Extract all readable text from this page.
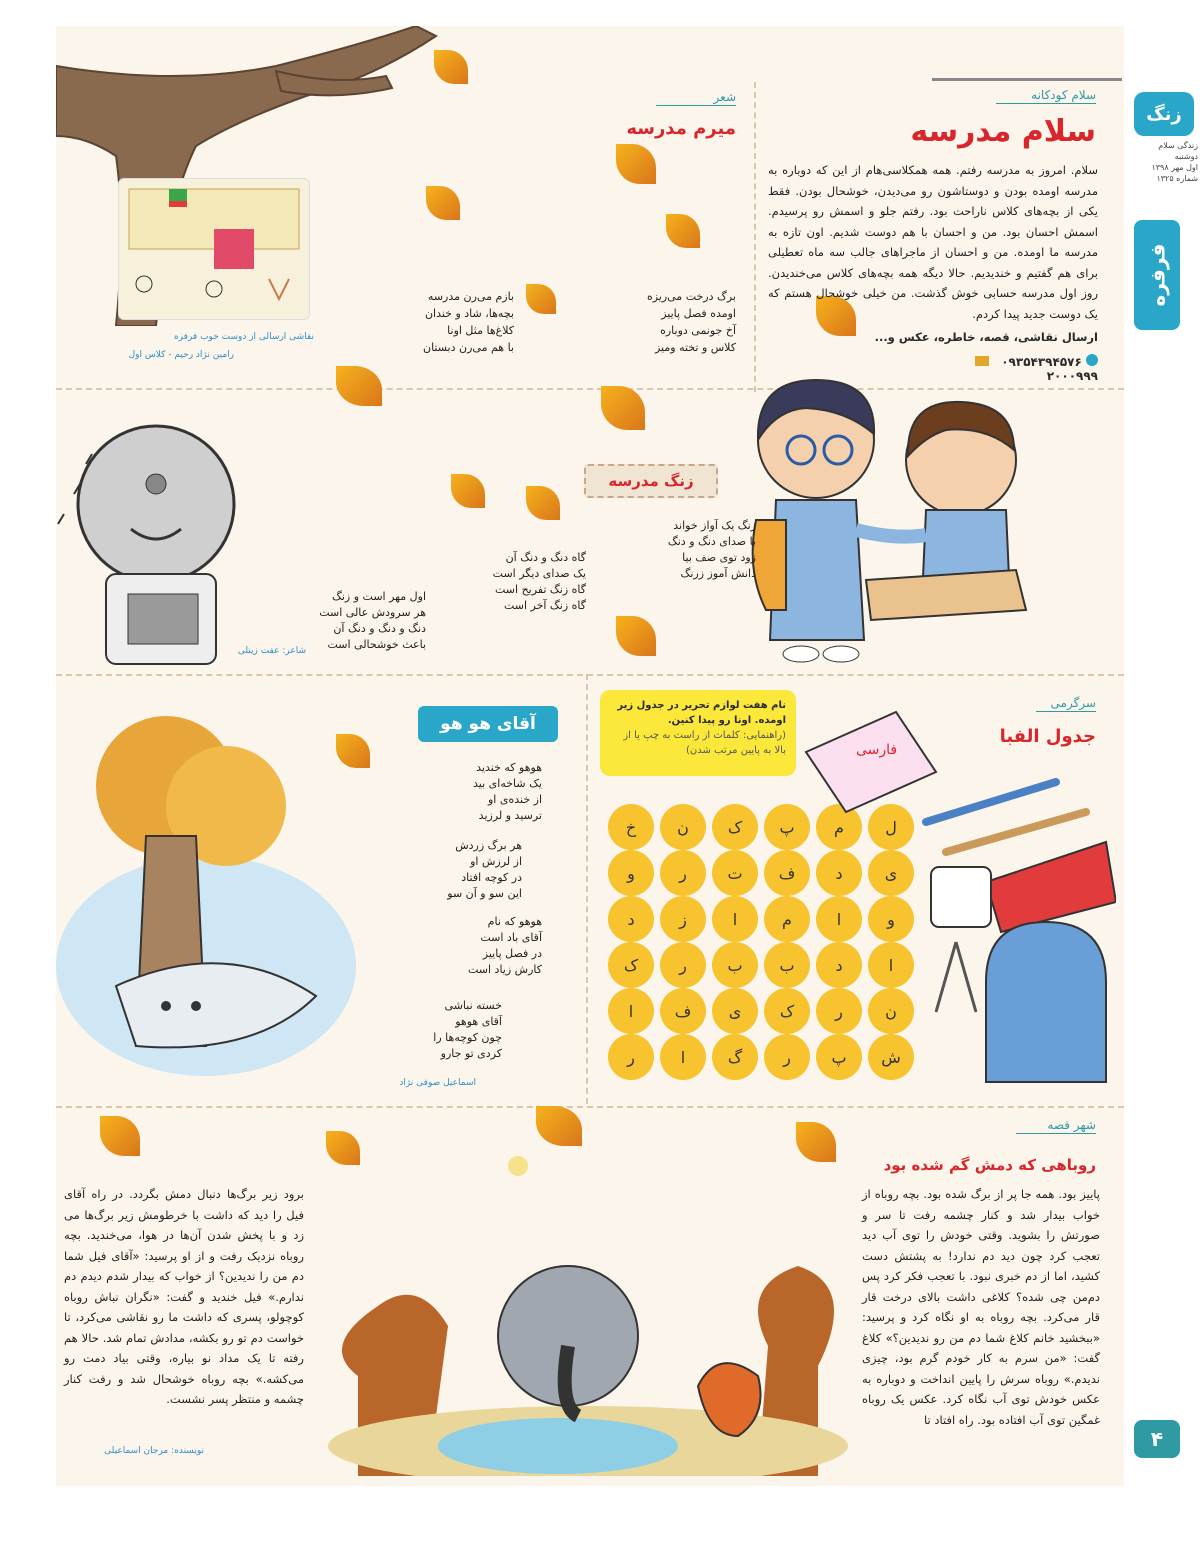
زنگ
زندگی سلام
دوشنبه
اول مهر ۱۳۹۸
شماره ۱۳۲۵
فرفره
۴
سلام کودکانه
سلام مدرسه
سلام. امروز به مدرسه رفتم. همه همکلاسی‌هام از این که دوباره به مدرسه اومده بودن و دوستاشون رو می‌دیدن، خوشحال بودن. فقط یکی از بچه‌های کلاس ناراحت بود. رفتم جلو و اسمش رو پرسیدم. اسمش احسان بود. من و احسان با هم دوست شدیم. اون تازه به مدرسه ما اومده. من و احسان از ماجراهای جالب سه ماه تعطیلی برای هم گفتیم و خندیدیم. حالا دیگه همه بچه‌های کلاس می‌خندیدن. روز اول مدرسه حسابی خوش گذشت. من خیلی خوشحال هستم که یک دوست جدید پیدا کردم.
ارسال نقاشی، قصه، خاطره، عکس و...
۰۹۳۵۴۳۹۴۵۷۶    ۲۰۰۰۹۹۹
شعر
میرم مدرسه
نقاشی ارسالی از دوست خوب فرفره
رامین نژاد رحیم - کلاس اول
بازم می‌رن مدرسه
بچه‌ها، شاد و خندان
کلاغ‌ها مثل اونا
با هم می‌رن دبستان
برگ درخت می‌ریزه
اومده فصل پاییز
آخ جونمی دوباره
کلاس و تخته ومیز
زنگ مدرسه
زنگ یک آواز خواند
با صدای دنگ و دنگ
زود توی صف بیا
دانش آموز زرنگ
گاه دنگ و دنگ آن
یک صدای دیگر است
گاه زنگ تفریح است
گاه زنگ آخر است
اول مهر است و زنگ
هر سرودش عالی است
دنگ و دنگ و دنگ آن
باعث خوشحالی است
شاعر: عفت زینلی
آقای هو هو
هوهو که خندید
یک شاخه‌ای بید
از خنده‌ی او
ترسید و لرزید
هر برگ زردش
از لرزش او
در کوچه افتاد
این سو و آن سو
هوهو که نام
آقای باد است
در فصل پاییز
کارش زیاد است
خسته نباشی
آقای هوهو
چون کوچه‌ها را
کردی تو جارو
اسماعیل صوفی نژاد
سرگرمی
جدول الفبا
نام هفت لوازم تحریر در جدول زیر اومده. اونا رو پیدا کنین.
(راهنمایی: کلمات از راست به چپ یا از بالا به پایین مرتب شدن)
ل
م
پ
ک
ن
خ
ی
د
ف
ت
ر
و
و
ا
م
ا
ز
د
ا
د
ب
ب
ر
ک
ن
ر
ک
ی
ف
ا
ش
پ
ر
گ
ا
ر
فارسی
شهر قصه
روباهی که دمش گم شده بود
پاییز بود. همه جا پر از برگ شده بود. بچه روباه از خواب بیدار شد و کنار چشمه رفت تا سر و صورتش را بشوید. وقتی خودش را توی آب دید تعجب کرد چون دید دم ندارد! به پشتش دست کشید، اما از دم خبری نبود. با تعجب فکر کرد پس دم‌من چی شده؟ کلاغی داشت بالای درخت قار قار می‌کرد. بچه روباه به او نگاه کرد و پرسید: «ببخشید خانم کلاغ شما دم من رو ندیدین؟» کلاغ گفت: «من سرم به کار خودم گرم بود، چیزی ندیدم.» روباه سرش را پایین انداخت و دوباره به عکس خودش توی آب نگاه کرد. عکس یک روباه غمگین توی آب افتاده بود. راه افتاد تا
برود زیر برگ‌ها دنبال دمش بگردد. در راه آقای فیل را دید که داشت با خرطومش زیر برگ‌ها می زد و با پخش شدن آن‌ها در هوا، می‌خندید. بچه روباه نزدیک رفت و از او پرسید: «آقای فیل شما دم من را ندیدین؟ از خواب که بیدار شدم دیدم دم ندارم.» فیل خندید و گفت: «نگران نباش روباه کوچولو، پسری که داشت ما رو نقاشی می‌کرد، تا خواست دم تو رو بکشه، مدادش تمام شد. حالا هم رفته تا یک مداد نو بیاره، وقتی بیاد دمت رو می‌کشه.» بچه روباه خوشحال شد و رفت کنار چشمه و منتظر پسر نشست.
نویسنده: مرجان اسماعیلی
